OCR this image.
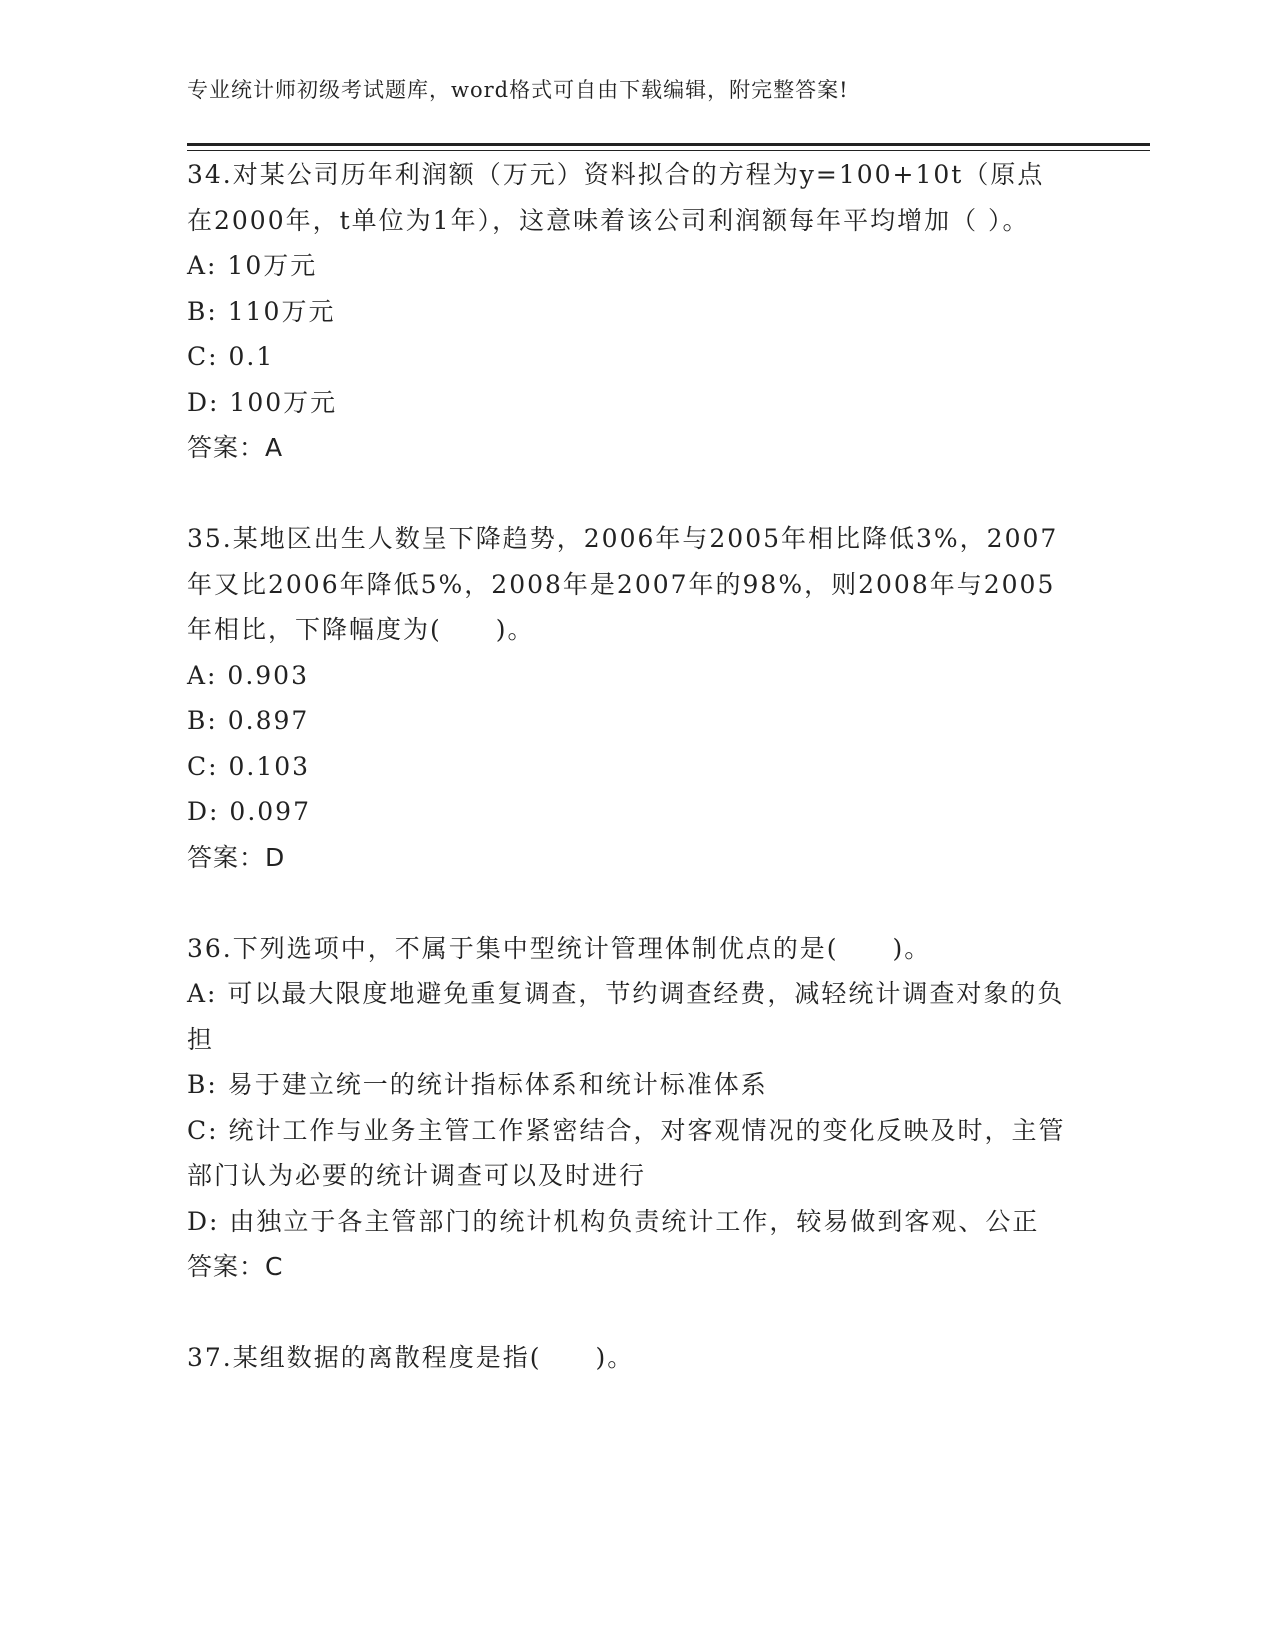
专业统计师初级考试题库，word格式可自由下载编辑，附完整答案!

34.对某公司历年利润额（万元）资料拟合的方程为y=100+10t（原点在2000年，t单位为1年），这意味着该公司利润额每年平均增加（ ）。

A: 10万元

B: 110万元

C: 0.1

D: 100万元

答案：A

35.某地区出生人数呈下降趋势，2006年与2005年相比降低3%，2007年又比2006年降低5%，2008年是2007年的98%，则2008年与2005年相比，下降幅度为(　　)。

A: 0.903

B: 0.897

C: 0.103

D: 0.097

答案：D

36.下列选项中，不属于集中型统计管理体制优点的是(　　)。

A: 可以最大限度地避免重复调查，节约调查经费，减轻统计调查对象的负担

B: 易于建立统一的统计指标体系和统计标准体系

C: 统计工作与业务主管工作紧密结合，对客观情况的变化反映及时，主管部门认为必要的统计调查可以及时进行

D: 由独立于各主管部门的统计机构负责统计工作，较易做到客观、公正

答案：C

37.某组数据的离散程度是指(　　)。
